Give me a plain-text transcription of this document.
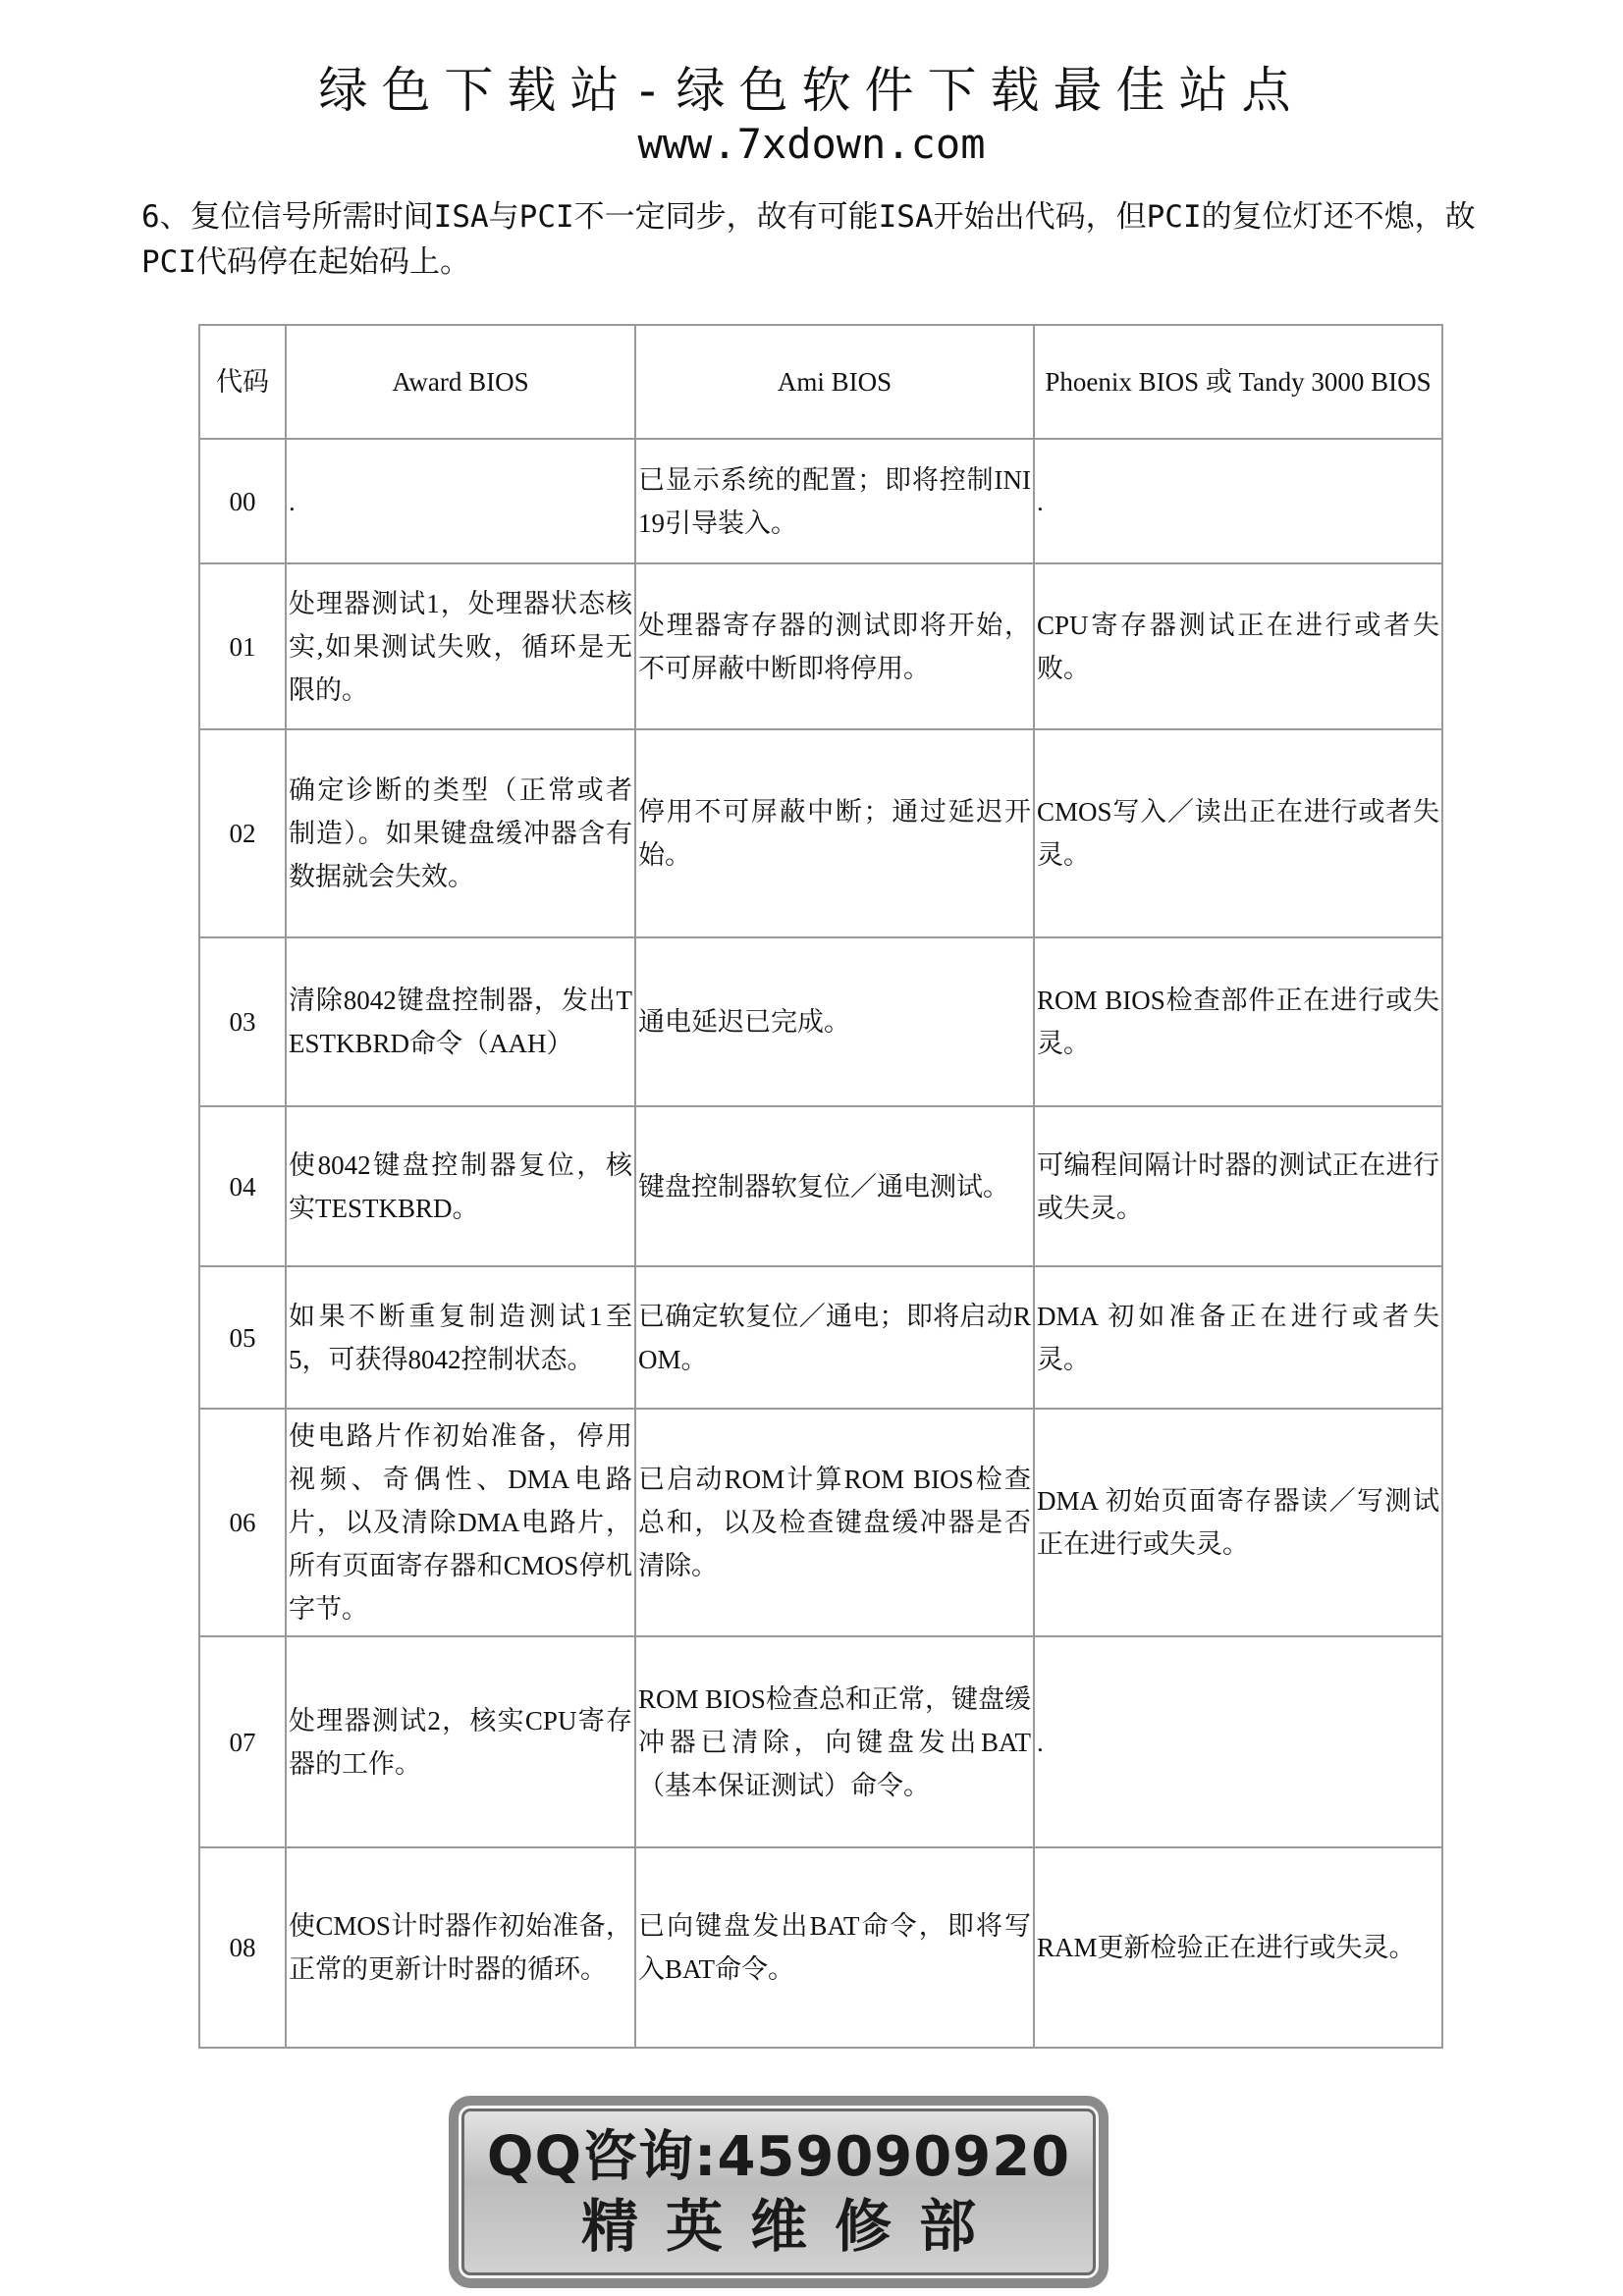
绿色下载站-绿色软件下载最佳站点
www.7xdown.com
6、复位信号所需时间ISA与PCI不一定同步，故有可能ISA开始出代码，但PCI的复位灯还不熄，故PCI代码停在起始码上。
代码	Award BIOS	Ami BIOS	Phoenix BIOS 或 Tandy 3000 BIOS
00	.	已显示系统的配置；即将控制INI19引导装入。	.
01	处理器测试1，处理器状态核实,如果测试失败，循环是无限的。	处理器寄存器的测试即将开始，不可屏蔽中断即将停用。	CPU寄存器测试正在进行或者失败。
02	确定诊断的类型（正常或者制造）。如果键盘缓冲器含有数据就会失效。	停用不可屏蔽中断；通过延迟开始。	CMOS写入／读出正在进行或者失灵。
03	清除8042键盘控制器，发出TESTKBRD命令（AAH）	通电延迟已完成。	ROM BIOS检查部件正在进行或失灵。
04	使8042键盘控制器复位，核实TESTKBRD。	键盘控制器软复位／通电测试。	可编程间隔计时器的测试正在进行或失灵。
05	如果不断重复制造测试1至5，可获得8042控制状态。	已确定软复位／通电；即将启动ROM。	DMA 初如准备正在进行或者失灵。
06	使电路片作初始准备，停用视频、奇偶性、DMA电路片，以及清除DMA电路片，所有页面寄存器和CMOS停机字节。	已启动ROM计算ROM BIOS检查总和，以及检查键盘缓冲器是否清除。	DMA 初始页面寄存器读／写测试正在进行或失灵。
07	处理器测试2，核实CPU寄存器的工作。	ROM BIOS检查总和正常，键盘缓冲器已清除，向键盘发出BAT（基本保证测试）命令。	.
08	使CMOS计时器作初始准备，正常的更新计时器的循环。	已向键盘发出BAT命令，即将写入BAT命令。	RAM更新检验正在进行或失灵。
QQ咨询:459090920
精英维修部
